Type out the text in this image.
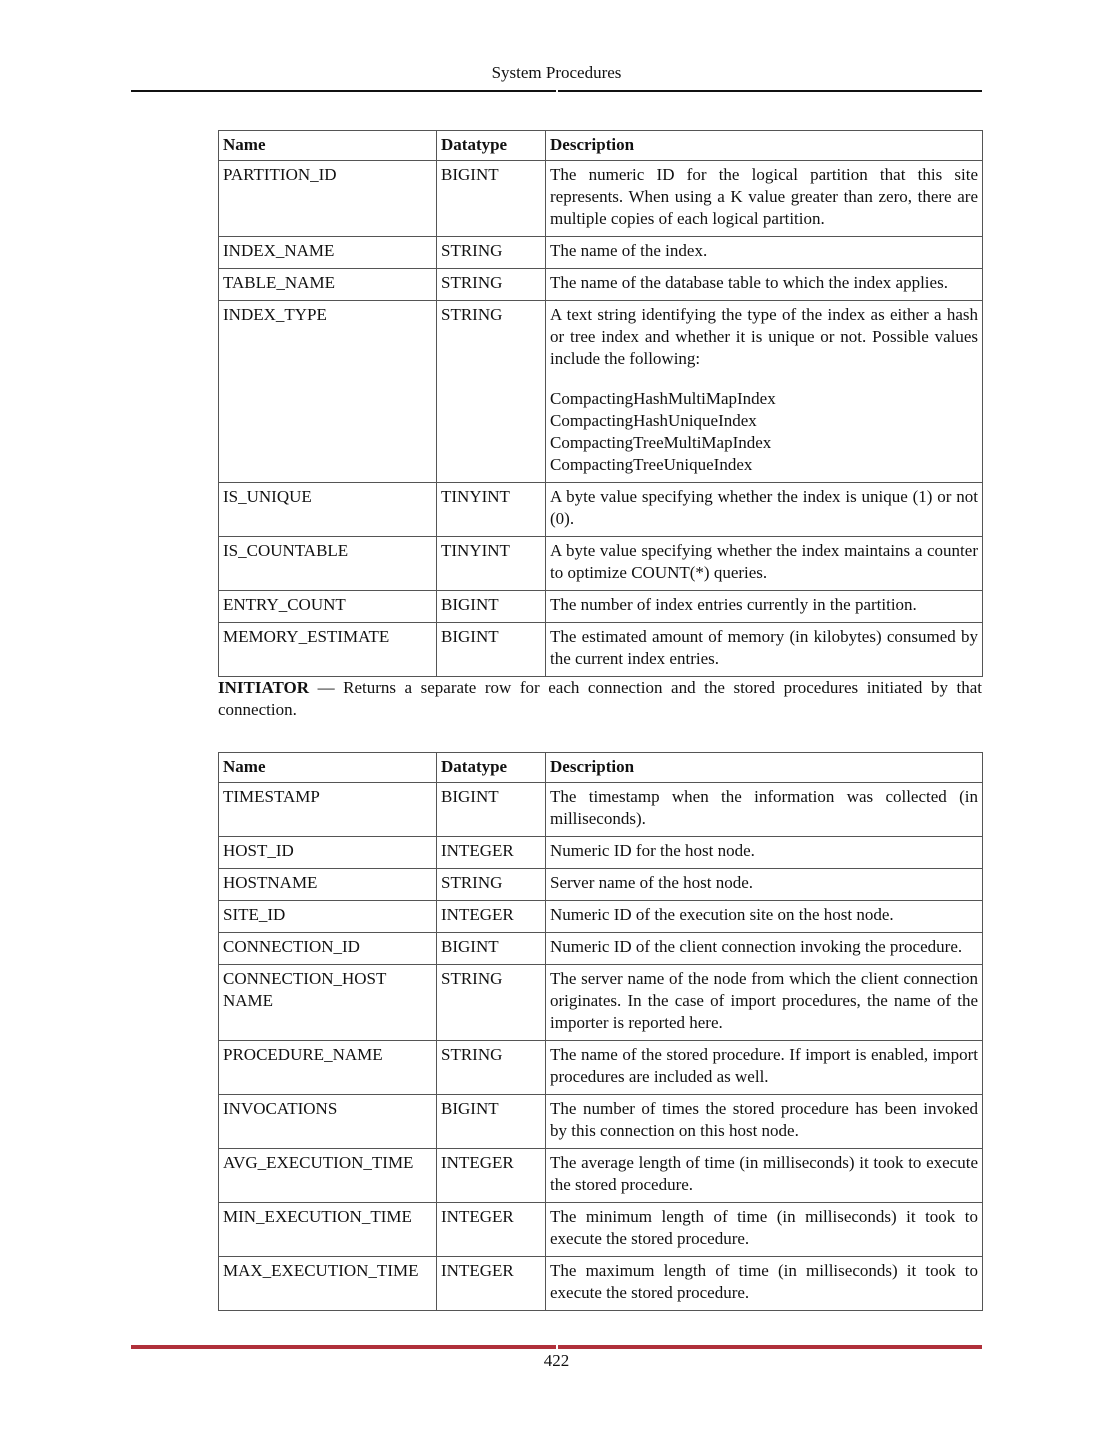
System Procedures
Name	Datatype	Description
PARTITION_ID	BIGINT	The numeric ID for the logical partition that this site represents. When using a K value greater than zero, there are multiple copies of each logical partition.

INDEX_NAME	STRING	The name of the index.

TABLE_NAME	STRING	The name of the database table to which the index applies.

INDEX_TYPE	STRING	A text string identifying the type of the index as either a hash or tree index and whether it is unique or not. Possible values include the following:
CompactingHashMultiMapIndex
CompactingHashUniqueIndex
CompactingTreeMultiMapIndex
CompactingTreeUniqueIndex

IS_UNIQUE	TINYINT	A byte value specifying whether the index is unique (1) or not (0).

IS_COUNTABLE	TINYINT	A byte value specifying whether the index maintains a counter to optimize COUNT(*) queries.

ENTRY_COUNT	BIGINT	The number of index entries currently in the partition.

MEMORY_ESTIMATE	BIGINT	The estimated amount of memory (in kilobytes) consumed by the current index entries.
INITIATOR — Returns a separate row for each connection and the stored procedures initiated by that connection.
Name	Datatype	Description
TIMESTAMP	BIGINT	The timestamp when the information was collected (in milliseconds).

HOST_ID	INTEGER	Numeric ID for the host node.

HOSTNAME	STRING	Server name of the host node.

SITE_ID	INTEGER	Numeric ID of the execution site on the host node.

CONNECTION_ID	BIGINT	Numeric ID of the client connection invoking the procedure.

CONNECTION_HOST NAME	STRING	The server name of the node from which the client connection originates. In the case of import procedures, the name of the importer is reported here.

PROCEDURE_NAME	STRING	The name of the stored procedure. If import is enabled, import procedures are included as well.

INVOCATIONS	BIGINT	The number of times the stored procedure has been invoked by this connection on this host node.

AVG_EXECUTION_TIME	INTEGER	The average length of time (in milliseconds) it took to execute the stored procedure.

MIN_EXECUTION_TIME	INTEGER	The minimum length of time (in milliseconds) it took to execute the stored procedure.

MAX_EXECUTION_TIME	INTEGER	The maximum length of time (in milliseconds) it took to execute the stored procedure.
422
